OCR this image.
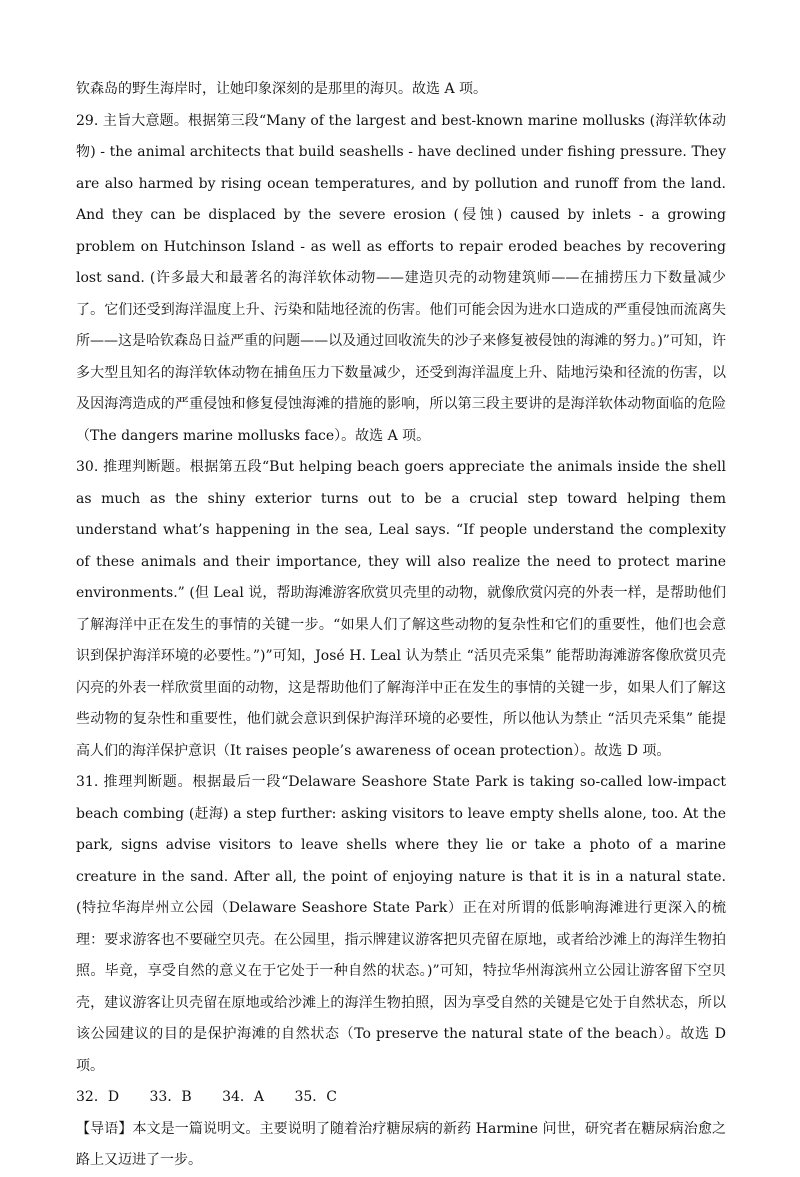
钦森岛的野生海岸时，让她印象深刻的是那里的海贝。故选 A 项。

29. 主旨大意题。根据第三段“Many of the largest and best-known marine mollusks (海洋软体动物) - the animal architects that build seashells - have declined under fishing pressure. They are also harmed by rising ocean temperatures, and by pollution and runoff from the land. And they can be displaced by the severe erosion (侵蚀) caused by inlets - a growing problem on Hutchinson Island - as well as efforts to repair eroded beaches by recovering lost sand. (许多最大和最著名的海洋软体动物——建造贝壳的动物建筑师——在捕捞压力下数量减少了。它们还受到海洋温度上升、污染和陆地径流的伤害。他们可能会因为进水口造成的严重侵蚀而流离失所——这是哈钦森岛日益严重的问题——以及通过回收流失的沙子来修复被侵蚀的海滩的努力。)”可知，许多大型且知名的海洋软体动物在捕鱼压力下数量减少，还受到海洋温度上升、陆地污染和径流的伤害，以及因海湾造成的严重侵蚀和修复侵蚀海滩的措施的影响，所以第三段主要讲的是海洋软体动物面临的危险（The dangers marine mollusks face）。故选 A 项。

30. 推理判断题。根据第五段“But helping beach goers appreciate the animals inside the shell as much as the shiny exterior turns out to be a crucial step toward helping them understand what’s happening in the sea, Leal says. “If people understand the complexity of these animals and their importance, they will also realize the need to protect marine environments.” (但 Leal 说，帮助海滩游客欣赏贝壳里的动物，就像欣赏闪亮的外表一样，是帮助他们了解海洋中正在发生的事情的关键一步。“如果人们了解这些动物的复杂性和它们的重要性，他们也会意识到保护海洋环境的必要性。”)”可知，José H. Leal 认为禁止 “活贝壳采集” 能帮助海滩游客像欣赏贝壳闪亮的外表一样欣赏里面的动物，这是帮助他们了解海洋中正在发生的事情的关键一步，如果人们了解这些动物的复杂性和重要性，他们就会意识到保护海洋环境的必要性，所以他认为禁止 “活贝壳采集” 能提高人们的海洋保护意识（It raises people’s awareness of ocean protection）。故选 D 项。

31. 推理判断题。根据最后一段“Delaware Seashore State Park is taking so-called low-impact beach combing (赶海) a step further: asking visitors to leave empty shells alone, too. At the park, signs advise visitors to leave shells where they lie or take a photo of a marine creature in the sand. After all, the point of enjoying nature is that it is in a natural state. (特拉华海岸州立公园（Delaware Seashore State Park）正在对所谓的低影响海滩进行更深入的梳理：要求游客也不要碰空贝壳。在公园里，指示牌建议游客把贝壳留在原地，或者给沙滩上的海洋生物拍照。毕竟，享受自然的意义在于它处于一种自然的状态。)”可知，特拉华州海滨州立公园让游客留下空贝壳，建议游客让贝壳留在原地或给沙滩上的海洋生物拍照，因为享受自然的关键是它处于自然状态，所以该公园建议的目的是保护海滩的自然状态（To preserve the natural state of the beach）。故选 D 项。

32．D 33．B 34．A 35．C

【导语】本文是一篇说明文。主要说明了随着治疗糖尿病的新药 Harmine 问世，研究者在糖尿病治愈之路上又迈进了一步。
